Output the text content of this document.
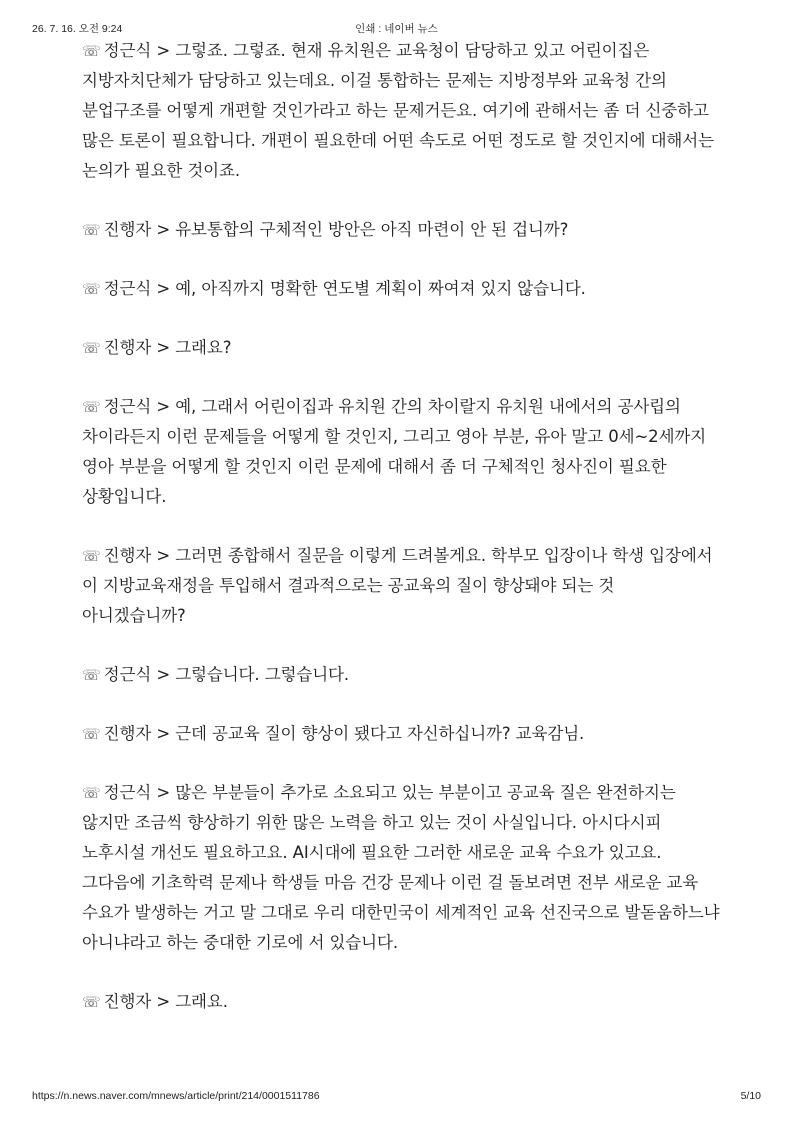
26. 7. 16. 오전 9:24	인쇄 : 네이버 뉴스

☏ 정근식 > 그렇죠. 그렇죠. 현재 유치원은 교육청이 담당하고 있고 어린이집은 지방자치단체가 담당하고 있는데요. 이걸 통합하는 문제는 지방정부와 교육청 간의 분업구조를 어떻게 개편할 것인가라고 하는 문제거든요. 여기에 관해서는 좀 더 신중하고 많은 토론이 필요합니다. 개편이 필요한데 어떤 속도로 어떤 정도로 할 것인지에 대해서는 논의가 필요한 것이죠.

☏ 진행자 > 유보통합의 구체적인 방안은 아직 마련이 안 된 겁니까?

☏ 정근식 > 예, 아직까지 명확한 연도별 계획이 짜여져 있지 않습니다.

☏ 진행자 > 그래요?

☏ 정근식 > 예, 그래서 어린이집과 유치원 간의 차이랄지 유치원 내에서의 공사립의 차이라든지 이런 문제들을 어떻게 할 것인지, 그리고 영아 부분, 유아 말고 0세~2세까지 영아 부분을 어떻게 할 것인지 이런 문제에 대해서 좀 더 구체적인 청사진이 필요한 상황입니다.

☏ 진행자 > 그러면 종합해서 질문을 이렇게 드려볼게요. 학부모 입장이나 학생 입장에서 이 지방교육재정을 투입해서 결과적으로는 공교육의 질이 향상돼야 되는 것 아니겠습니까?

☏ 정근식 > 그렇습니다. 그렇습니다.

☏ 진행자 > 근데 공교육 질이 향상이 됐다고 자신하십니까? 교육감님.

☏ 정근식 > 많은 부분들이 추가로 소요되고 있는 부분이고 공교육 질은 완전하지는 않지만 조금씩 향상하기 위한 많은 노력을 하고 있는 것이 사실입니다. 아시다시피 노후시설 개선도 필요하고요. AI시대에 필요한 그러한 새로운 교육 수요가 있고요. 그다음에 기초학력 문제나 학생들 마음 건강 문제나 이런 걸 돌보려면 전부 새로운 교육 수요가 발생하는 거고 말 그대로 우리 대한민국이 세계적인 교육 선진국으로 발돋움하느냐 아니냐라고 하는 중대한 기로에 서 있습니다.

☏ 진행자 > 그래요.

https://n.news.naver.com/mnews/article/print/214/0001511786	5/10
